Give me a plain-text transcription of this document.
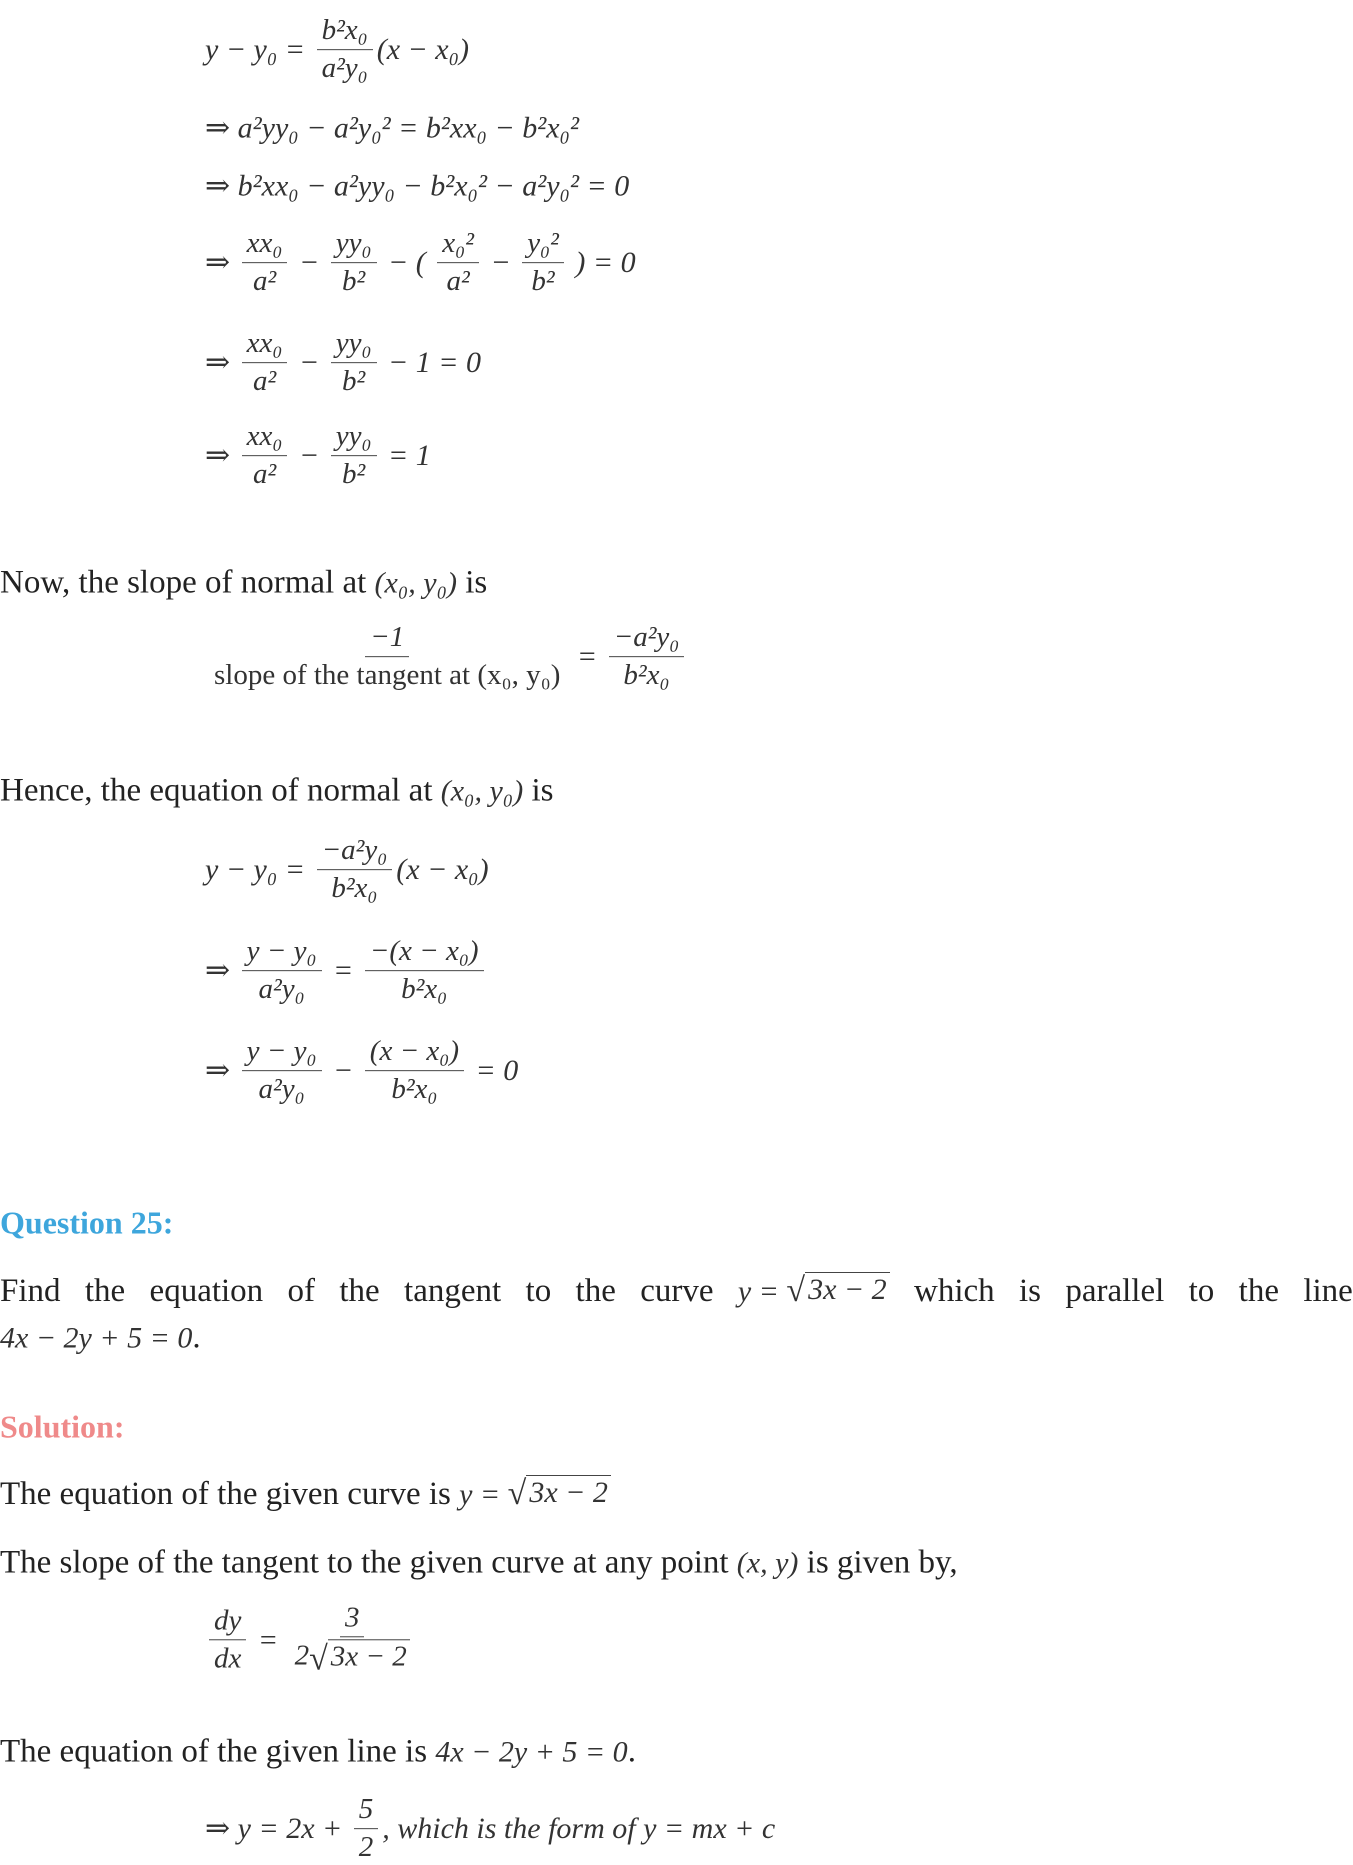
$y - y_0 = \frac{\text{b²x₀}}{\text{a²y₀}} (x - x_0)$
⇒ a²yy₀ − a²y₀² = b²xx₀ − b²x₀²
⇒ b²xx₀ − a²yy₀ − b²x₀² − a²y₀² = 0
⇒ $\frac{\text{xx₀}}{\text{a²}} - \frac{\text{yy₀}}{\text{b²}}$ − ( $\frac{\text{x₀²}}{\text{a²}} - \frac{\text{y₀²}}{\text{b²}}$ ) = 0
⇒ $\frac{\text{xx₀}}{\text{a²}} - \frac{\text{yy₀}}{\text{b²}} - 1 = 0$
⇒ $\frac{\text{xx₀}}{\text{a²}} - \frac{\text{yy₀}}{\text{b²}} = 1$
Now, the slope of normal at (x₀, y₀) is
$\frac{-1}{\text{slope of the tangent at (x₀, y₀)}} = \frac{\text{−a²y₀}}{\text{b²x₀}}$
Hence, the equation of normal at (x₀, y₀) is
$y - y_0 = \frac{\text{−a²y₀}}{\text{b²x₀}} (x - x_0)$
⇒ $\frac{\text{y − y₀}}{\text{a²y₀}} = \frac{\text{−(x − x₀)}}{\text{b²x₀}}$
⇒ $\frac{\text{y − y₀}}{\text{a²y₀}} - \frac{\text{(x − x₀)}}{\text{b²x₀}} = 0$
Question 25:
Find the equation of the tangent to the curve y = √ 3x − 2 which is parallel to the line
4x − 2y + 5 = 0 .
Solution:
The equation of the given curve is y = √ 3x − 2
The slope of the tangent to the given curve at any point (x, y) is given by,
$\frac{dy}{dx} = \frac{3}{2 √ 3x - 2}$
The equation of the given line is 4x − 2y + 5 = 0 .
⇒ $y = 2x + \frac{5}{2}$ , which is the form of y = mx + c
